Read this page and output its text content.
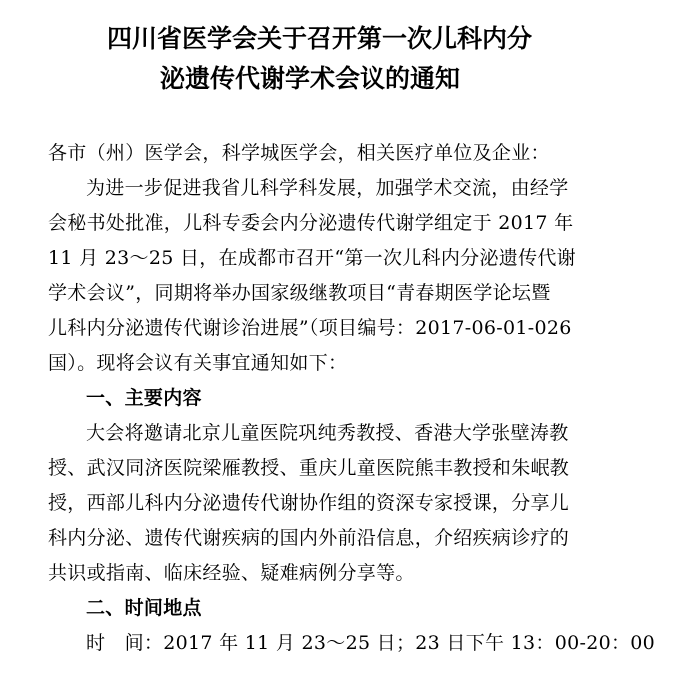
四川省医学会关于召开第一次儿科内分
泌遗传代谢学术会议的通知
各市（州）医学会，科学城医学会，相关医疗单位及企业：
为进一步促进我省儿科学科发展，加强学术交流，由经学
会秘书处批准，儿科专委会内分泌遗传代谢学组定于 2017 年
11 月 23～25 日，在成都市召开“第一次儿科内分泌遗传代谢
学术会议”，同期将举办国家级继教项目“青春期医学论坛暨
儿科内分泌遗传代谢诊治进展”（项目编号：2017-06-01-026
国）。现将会议有关事宜通知如下：
一、主要内容
大会将邀请北京儿童医院巩纯秀教授、香港大学张壁涛教
授、武汉同济医院梁雁教授、重庆儿童医院熊丰教授和朱岷教
授，西部儿科内分泌遗传代谢协作组的资深专家授课，分享儿
科内分泌、遗传代谢疾病的国内外前沿信息，介绍疾病诊疗的
共识或指南、临床经验、疑难病例分享等。
二、时间地点
时　间：2017 年 11 月 23～25 日；23 日下午 13：00-20：00
